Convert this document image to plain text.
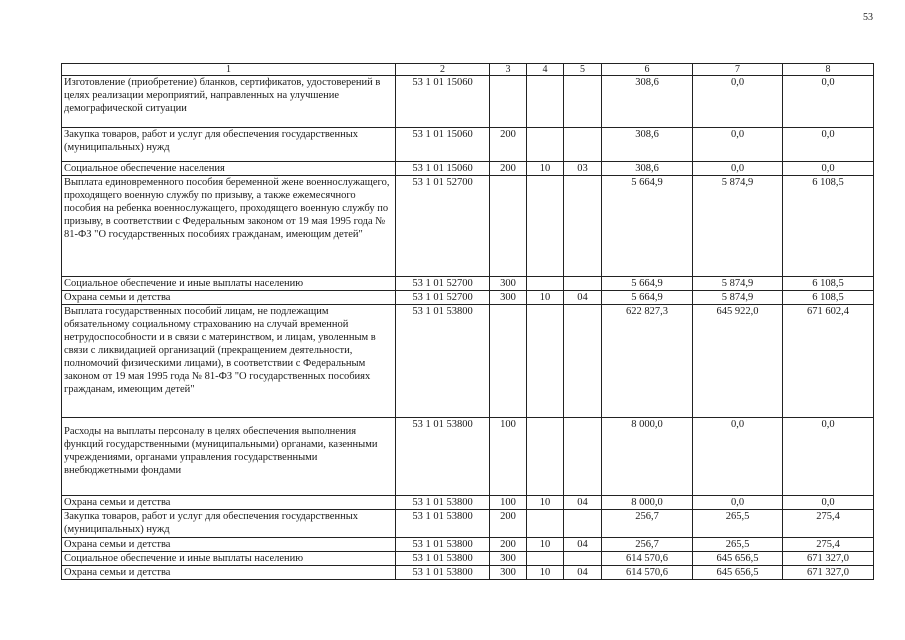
53
1	2	3	4	5	6	7	8
Изготовление (приобретение) бланков, сертификатов, удостоверений в целях реализации мероприятий, направленных на улучшение демографической ситуации	53 1 01 15060				308,6	0,0	0,0
Закупка товаров, работ и услуг для обеспечения государственных (муниципальных) нужд	53 1 01 15060	200			308,6	0,0	0,0
Социальное обеспечение населения	53 1 01 15060	200	10	03	308,6	0,0	0,0
Выплата единовременного пособия беременной жене военнослужащего, проходящего военную службу по призыву, а также ежемесячного пособия на ребенка военнослужащего, проходящего военную службу по призыву, в соответствии с Федеральным законом от 19 мая 1995 года № 81-ФЗ "О государственных пособиях гражданам, имеющим детей"	53 1 01 52700				5 664,9	5 874,9	6 108,5
Социальное обеспечение и иные выплаты населению	53 1 01 52700	300			5 664,9	5 874,9	6 108,5
Охрана семьи и детства	53 1 01 52700	300	10	04	5 664,9	5 874,9	6 108,5
Выплата государственных пособий лицам, не подлежащим обязательному социальному страхованию на случай временной нетрудоспособности и в связи с материнством, и лицам, уволенным в связи с ликвидацией организаций (прекращением деятельности, полномочий физическими лицами), в соответствии с Федеральным законом от 19 мая 1995 года № 81-ФЗ "О государственных пособиях гражданам, имеющим детей"	53 1 01 53800				622 827,3	645 922,0	671 602,4
Расходы на выплаты персоналу в целях обеспечения выполнения функций государственными (муниципальными) органами, казенными учреждениями, органами управления государственными внебюджетными фондами	53 1 01 53800	100			8 000,0	0,0	0,0
Охрана семьи и детства	53 1 01 53800	100	10	04	8 000,0	0,0	0,0
Закупка товаров, работ и услуг для обеспечения государственных (муниципальных) нужд	53 1 01 53800	200			256,7	265,5	275,4
Охрана семьи и детства	53 1 01 53800	200	10	04	256,7	265,5	275,4
Социальное обеспечение и иные выплаты населению	53 1 01 53800	300			614 570,6	645 656,5	671 327,0
Охрана семьи и детства	53 1 01 53800	300	10	04	614 570,6	645 656,5	671 327,0
